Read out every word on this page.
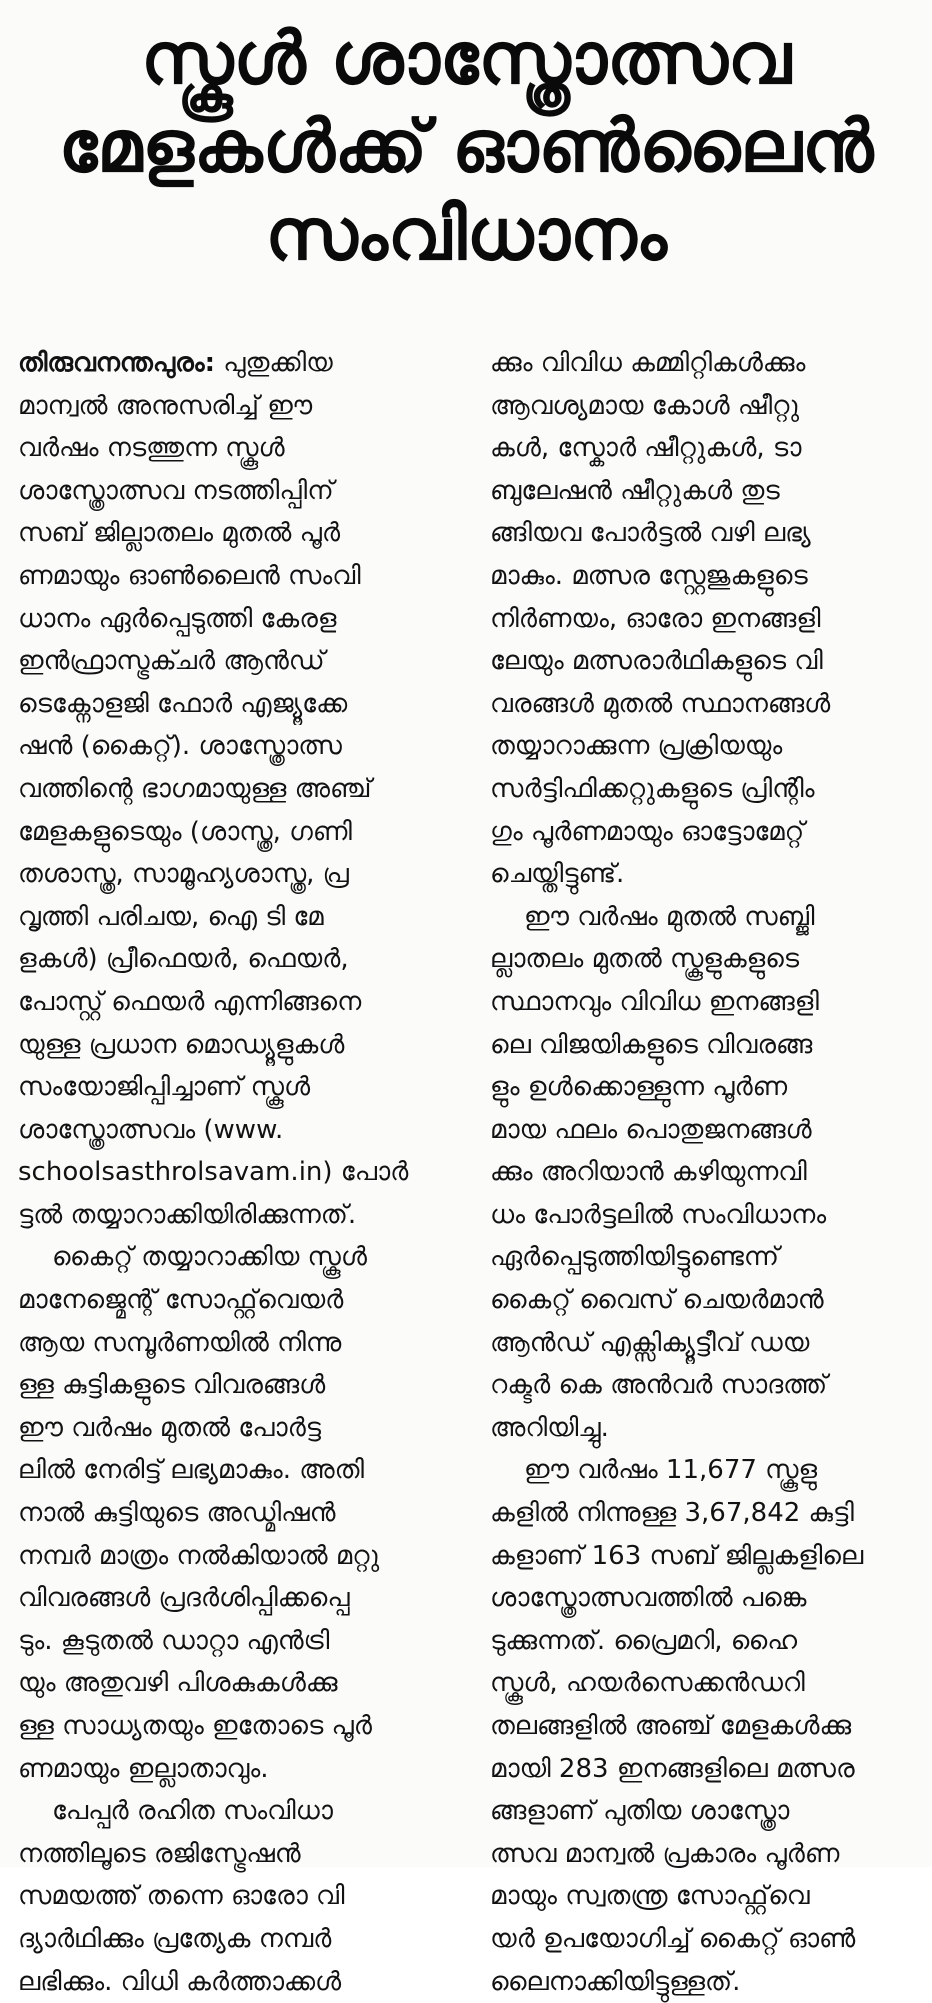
സ്കൂൾ ശാസ്ത്രോത്സവ
മേളകൾക്ക് ഓൺലൈൻ
സംവിധാനം

തിരുവനന്തപുരം: പുതുക്കിയ
മാന്വൽ അനുസരിച്ച് ഈ
വർഷം നടത്തുന്ന സ്കൂൾ
ശാസ്ത്രോത്സവ നടത്തിപ്പിന്
സബ് ജില്ലാതലം മുതൽ പൂർ
ണമായും ഓൺലൈൻ സംവി
ധാനം ഏർപ്പെടുത്തി കേരള
ഇൻഫ്രാസ്ട്രക്ചർ ആൻഡ്
ടെക്നോളജി ഫോർ എജ്യൂക്കേ
ഷൻ (കൈറ്റ്). ശാസ്ത്രോത്സ
വത്തിന്റെ ഭാഗമായുള്ള അഞ്ച്
മേളകളുടെയും (ശാസ്ത്ര, ഗണി
തശാസ്ത്ര, സാമൂഹ്യശാസ്ത്ര, പ്ര
വൃത്തി പരിചയ, ഐ ടി മേ
ളകൾ) പ്രീഫെയർ, ഫെയർ,
പോസ്റ്റ് ഫെയർ എന്നിങ്ങനെ
യുള്ള പ്രധാന മൊഡ്യൂളുകൾ
സംയോജിപ്പിച്ചാണ് സ്കൂൾ
ശാസ്ത്രോത്സവം (www.
schoolsasthrolsavam.in) പോർ
ട്ടൽ തയ്യാറാക്കിയിരിക്കുന്നത്.

കൈറ്റ് തയ്യാറാക്കിയ സ്കൂൾ
മാനേജ്മെന്റ് സോഫ്റ്റ്‌വെയർ
ആയ സമ്പൂർണയിൽ നിന്നു
ള്ള കുട്ടികളുടെ വിവരങ്ങൾ
ഈ വർഷം മുതൽ പോർട്ട
ലിൽ നേരിട്ട് ലഭ്യമാകും. അതി
നാൽ കുട്ടിയുടെ അഡ്മിഷൻ
നമ്പർ മാത്രം നൽകിയാൽ മറ്റു
വിവരങ്ങൾ പ്രദർശിപ്പിക്കപ്പെ
ടും. കൂടുതൽ ഡാറ്റാ എൻട്രി
യും അതുവഴി പിശകുകൾക്കു
ള്ള സാധ്യതയും ഇതോടെ പൂർ
ണമായും ഇല്ലാതാവും.

പേപ്പർ രഹിത സംവിധാ
നത്തിലൂടെ രജിസ്ട്രേഷൻ
സമയത്ത് തന്നെ ഓരോ വി
ദ്യാർഥിക്കും പ്രത്യേക നമ്പർ
ലഭിക്കും. വിധി കർത്താക്കൾ

ക്കും വിവിധ കമ്മിറ്റികൾക്കും
ആവശ്യമായ കോൾ ഷീറ്റു
കൾ, സ്കോർ ഷീറ്റുകൾ, ടാ
ബുലേഷൻ ഷീറ്റുകൾ തുട
ങ്ങിയവ പോർട്ടൽ വഴി ലഭ്യ
മാകും. മത്സര സ്റ്റേജുകളുടെ
നിർണയം, ഓരോ ഇനങ്ങളി
ലേയും മത്സരാർഥികളുടെ വി
വരങ്ങൾ മുതൽ സ്ഥാനങ്ങൾ
തയ്യാറാക്കുന്ന പ്രക്രിയയും
സർട്ടിഫിക്കറ്റുകളുടെ പ്രിന്റിം
ഗും പൂർണമായും ഓട്ടോമേറ്റ്
ചെയ്തിട്ടുണ്ട്.

ഈ വർഷം മുതൽ സബ്ജി
ല്ലാതലം മുതൽ സ്കൂളുകളുടെ
സ്ഥാനവും വിവിധ ഇനങ്ങളി
ലെ വിജയികളുടെ വിവരങ്ങ
ളും ഉൾക്കൊള്ളുന്ന പൂർണ
മായ ഫലം പൊതുജനങ്ങൾ
ക്കും അറിയാൻ കഴിയുന്നവി
ധം പോർട്ടലിൽ സംവിധാനം
ഏർപ്പെടുത്തിയിട്ടുണ്ടെന്ന്
കൈറ്റ് വൈസ് ചെയർമാൻ
ആൻഡ് എക്സിക്യൂട്ടീവ് ഡയ
റക്ടർ കെ അൻവർ സാദത്ത്
അറിയിച്ചു.

ഈ വർഷം 11,677 സ്കൂളു
കളിൽ നിന്നുള്ള 3,67,842 കുട്ടി
കളാണ് 163 സബ് ജില്ലകളിലെ
ശാസ്ത്രോത്സവത്തിൽ പങ്കെ
ടുക്കുന്നത്. പ്രൈമറി, ഹൈ
സ്കൂൾ, ഹയർസെക്കൻഡറി
തലങ്ങളിൽ അഞ്ച് മേളകൾക്കു
മായി 283 ഇനങ്ങളിലെ മത്സര
ങ്ങളാണ് പുതിയ ശാസ്ത്രോ
ത്സവ മാന്വൽ പ്രകാരം പൂർണ
മായും സ്വതന്ത്ര സോഫ്റ്റ്‌വെ
യർ ഉപയോഗിച്ച് കൈറ്റ് ഓൺ
ലൈനാക്കിയിട്ടുള്ളത്.
